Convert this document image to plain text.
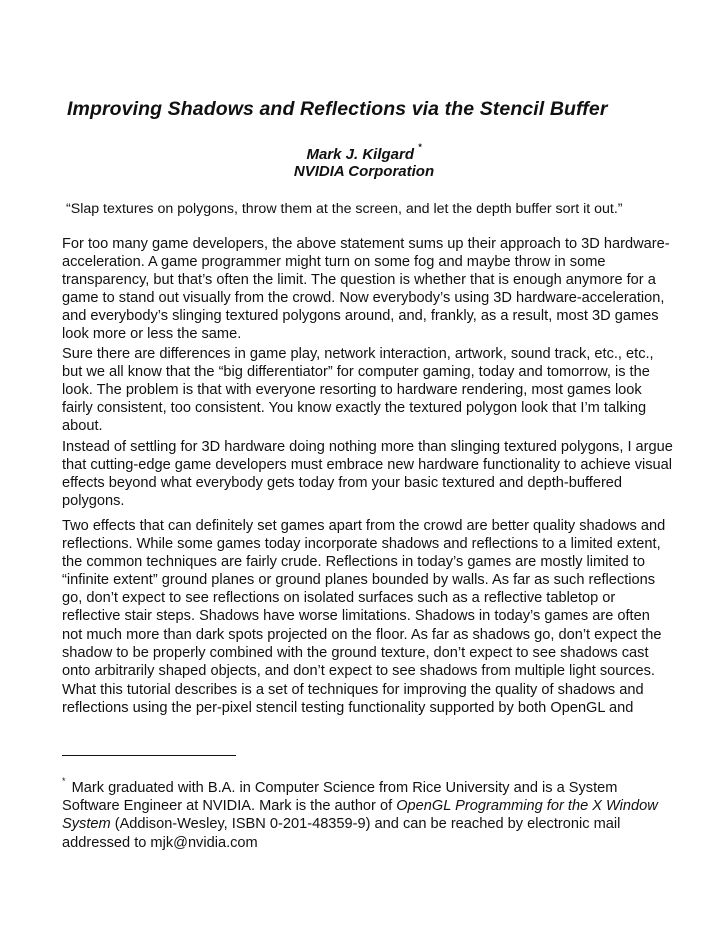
Improving Shadows and Reflections via the Stencil Buffer
Mark J. Kilgard *
NVIDIA Corporation
“Slap textures on polygons, throw them at the screen, and let the depth buffer sort it out.”

For too many game developers, the above statement sums up their approach to 3D hardware-
acceleration. A game programmer might turn on some fog and maybe throw in some
transparency, but that’s often the limit. The question is whether that is enough anymore for a
game to stand out visually from the crowd. Now everybody’s using 3D hardware-acceleration,
and everybody’s slinging textured polygons around, and, frankly, as a result, most 3D games
look more or less the same.

Sure there are differences in game play, network interaction, artwork, sound track, etc., etc.,
but we all know that the “big differentiator” for computer gaming, today and tomorrow, is the
look. The problem is that with everyone resorting to hardware rendering, most games look
fairly consistent, too consistent. You know exactly the textured polygon look that I’m talking
about.

Instead of settling for 3D hardware doing nothing more than slinging textured polygons, I argue
that cutting-edge game developers must embrace new hardware functionality to achieve visual
effects beyond what everybody gets today from your basic textured and depth-buffered
polygons.

Two effects that can definitely set games apart from the crowd are better quality shadows and
reflections. While some games today incorporate shadows and reflections to a limited extent,
the common techniques are fairly crude. Reflections in today’s games are mostly limited to
“infinite extent” ground planes or ground planes bounded by walls. As far as such reflections
go, don’t expect to see reflections on isolated surfaces such as a reflective tabletop or
reflective stair steps. Shadows have worse limitations. Shadows in today’s games are often
not much more than dark spots projected on the floor. As far as shadows go, don’t expect the
shadow to be properly combined with the ground texture, don’t expect to see shadows cast
onto arbitrarily shaped objects, and don’t expect to see shadows from multiple light sources.

What this tutorial describes is a set of techniques for improving the quality of shadows and
reflections using the per-pixel stencil testing functionality supported by both OpenGL and

* Mark graduated with B.A. in Computer Science from Rice University and is a System
Software Engineer at NVIDIA. Mark is the author of OpenGL Programming for the X Window
System (Addison-Wesley, ISBN 0-201-48359-9) and can be reached by electronic mail
addressed to mjk@nvidia.com
